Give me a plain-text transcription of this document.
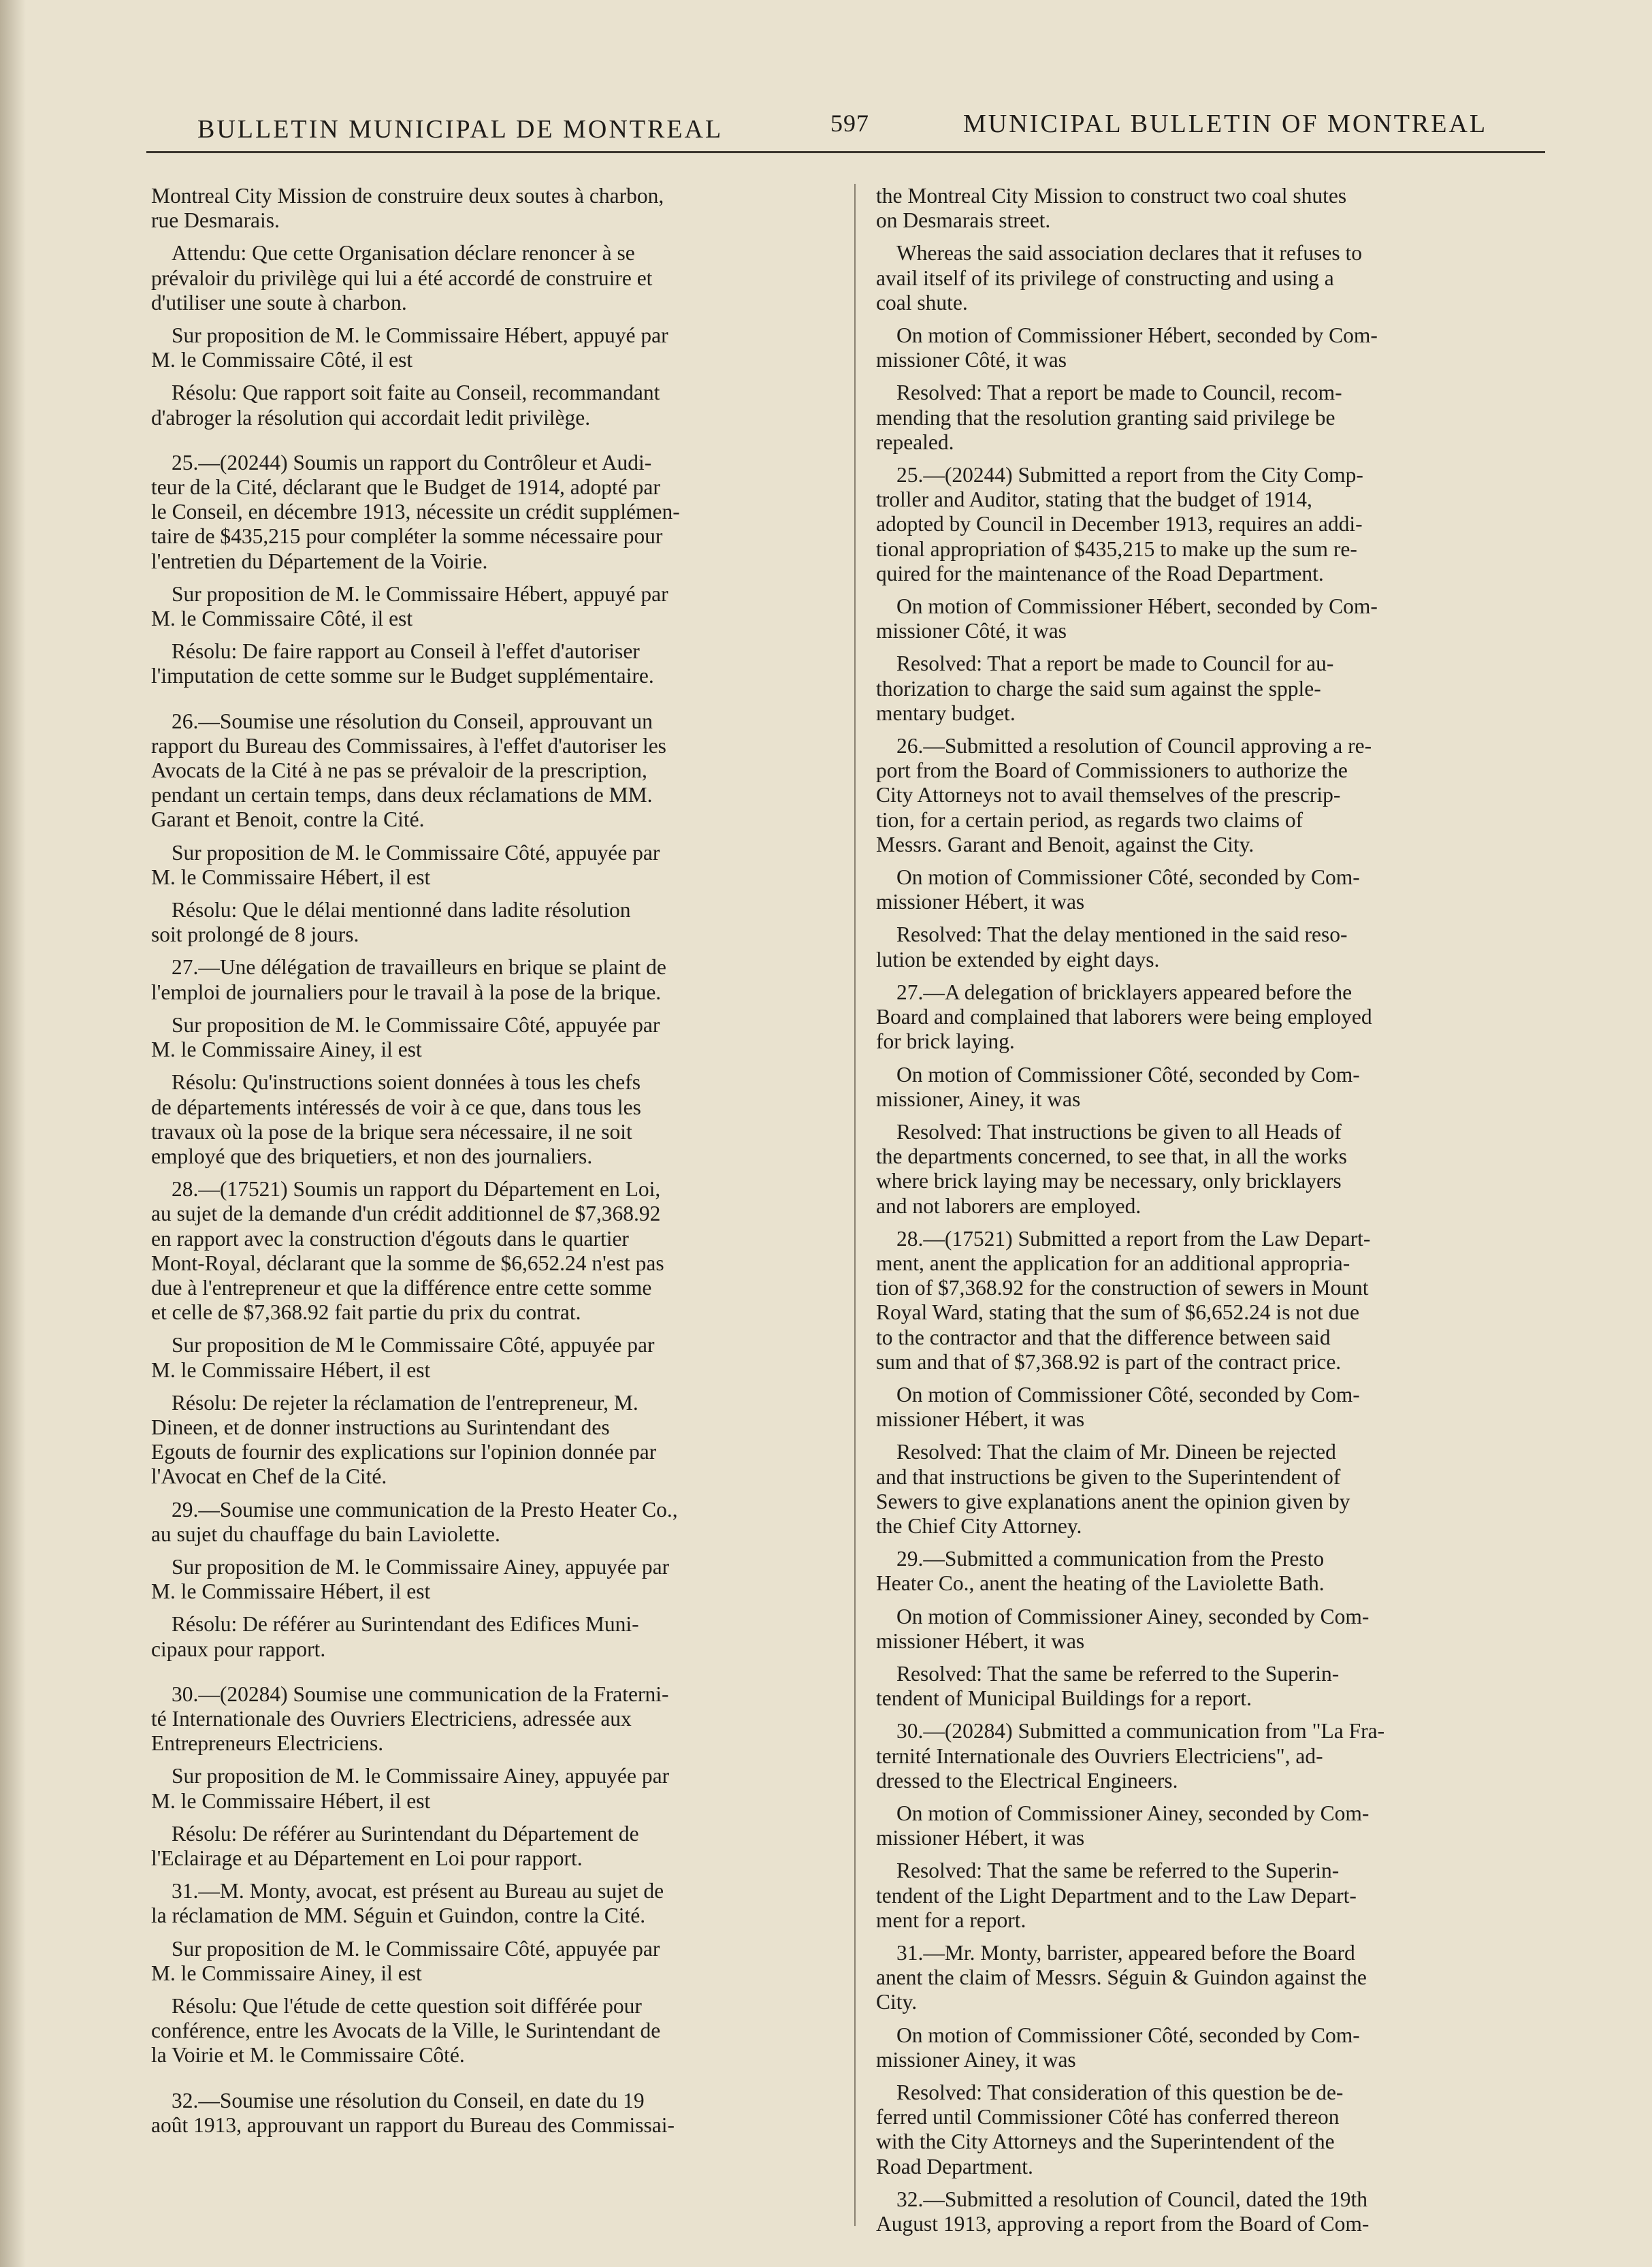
BULLETIN MUNICIPAL DE MONTREAL	597	MUNICIPAL BULLETIN OF MONTREAL

Montreal City Mission de construire deux soutes à charbon,
rue Desmarais.

Attendu: Que cette Organisation déclare renoncer à se
prévaloir du privilège qui lui a été accordé de construire et
d'utiliser une soute à charbon.

Sur proposition de M. le Commissaire Hébert, appuyé par
M. le Commissaire Côté, il est

Résolu: Que rapport soit faite au Conseil, recommandant
d'abroger la résolution qui accordait ledit privilège.

25.—(20244) Soumis un rapport du Contrôleur et Audi-
teur de la Cité, déclarant que le Budget de 1914, adopté par
le Conseil, en décembre 1913, nécessite un crédit supplémen-
taire de $435,215 pour compléter la somme nécessaire pour
l'entretien du Département de la Voirie.

Sur proposition de M. le Commissaire Hébert, appuyé par
M. le Commissaire Côté, il est

Résolu: De faire rapport au Conseil à l'effet d'autoriser
l'imputation de cette somme sur le Budget supplémentaire.

26.—Soumise une résolution du Conseil, approuvant un
rapport du Bureau des Commissaires, à l'effet d'autoriser les
Avocats de la Cité à ne pas se prévaloir de la prescription,
pendant un certain temps, dans deux réclamations de MM.
Garant et Benoit, contre la Cité.

Sur proposition de M. le Commissaire Côté, appuyée par
M. le Commissaire Hébert, il est

Résolu: Que le délai mentionné dans ladite résolution
soit prolongé de 8 jours.

27.—Une délégation de travailleurs en brique se plaint de
l'emploi de journaliers pour le travail à la pose de la brique.

Sur proposition de M. le Commissaire Côté, appuyée par
M. le Commissaire Ainey, il est

Résolu: Qu'instructions soient données à tous les chefs
de départements intéressés de voir à ce que, dans tous les
travaux où la pose de la brique sera nécessaire, il ne soit
employé que des briquetiers, et non des journaliers.

28.—(17521) Soumis un rapport du Département en Loi,
au sujet de la demande d'un crédit additionnel de $7,368.92
en rapport avec la construction d'égouts dans le quartier
Mont-Royal, déclarant que la somme de $6,652.24 n'est pas
due à l'entrepreneur et que la différence entre cette somme
et celle de $7,368.92 fait partie du prix du contrat.

Sur proposition de M le Commissaire Côté, appuyée par
M. le Commissaire Hébert, il est

Résolu: De rejeter la réclamation de l'entrepreneur, M.
Dineen, et de donner instructions au Surintendant des
Egouts de fournir des explications sur l'opinion donnée par
l'Avocat en Chef de la Cité.

29.—Soumise une communication de la Presto Heater Co.,
au sujet du chauffage du bain Laviolette.

Sur proposition de M. le Commissaire Ainey, appuyée par
M. le Commissaire Hébert, il est

Résolu: De référer au Surintendant des Edifices Muni-
cipaux pour rapport.

30.—(20284) Soumise une communication de la Fraterni-
té Internationale des Ouvriers Electriciens, adressée aux
Entrepreneurs Electriciens.

Sur proposition de M. le Commissaire Ainey, appuyée par
M. le Commissaire Hébert, il est

Résolu: De référer au Surintendant du Département de
l'Eclairage et au Département en Loi pour rapport.

31.—M. Monty, avocat, est présent au Bureau au sujet de
la réclamation de MM. Séguin et Guindon, contre la Cité.

Sur proposition de M. le Commissaire Côté, appuyée par
M. le Commissaire Ainey, il est

Résolu: Que l'étude de cette question soit différée pour
conférence, entre les Avocats de la Ville, le Surintendant de
la Voirie et M. le Commissaire Côté.

32.—Soumise une résolution du Conseil, en date du 19
août 1913, approuvant un rapport du Bureau des Commissai-

the Montreal City Mission to construct two coal shutes
on Desmarais street.

Whereas the said association declares that it refuses to
avail itself of its privilege of constructing and using a
coal shute.

On motion of Commissioner Hébert, seconded by Com-
missioner Côté, it was

Resolved: That a report be made to Council, recom-
mending that the resolution granting said privilege be
repealed.

25.—(20244) Submitted a report from the City Comp-
troller and Auditor, stating that the budget of 1914,
adopted by Council in December 1913, requires an addi-
tional appropriation of $435,215 to make up the sum re-
quired for the maintenance of the Road Department.

On motion of Commissioner Hébert, seconded by Com-
missioner Côté, it was

Resolved: That a report be made to Council for au-
thorization to charge the said sum against the spple-
mentary budget.

26.—Submitted a resolution of Council approving a re-
port from the Board of Commissioners to authorize the
City Attorneys not to avail themselves of the prescrip-
tion, for a certain period, as regards two claims of
Messrs. Garant and Benoit, against the City.

On motion of Commissioner Côté, seconded by Com-
missioner Hébert, it was

Resolved: That the delay mentioned in the said reso-
lution be extended by eight days.

27.—A delegation of bricklayers appeared before the
Board and complained that laborers were being employed
for brick laying.

On motion of Commissioner Côté, seconded by Com-
missioner, Ainey, it was

Resolved: That instructions be given to all Heads of
the departments concerned, to see that, in all the works
where brick laying may be necessary, only bricklayers
and not laborers are employed.

28.—(17521) Submitted a report from the Law Depart-
ment, anent the application for an additional appropria-
tion of $7,368.92 for the construction of sewers in Mount
Royal Ward, stating that the sum of $6,652.24 is not due
to the contractor and that the difference between said
sum and that of $7,368.92 is part of the contract price.

On motion of Commissioner Côté, seconded by Com-
missioner Hébert, it was

Resolved: That the claim of Mr. Dineen be rejected
and that instructions be given to the Superintendent of
Sewers to give explanations anent the opinion given by
the Chief City Attorney.

29.—Submitted a communication from the Presto
Heater Co., anent the heating of the Laviolette Bath.

On motion of Commissioner Ainey, seconded by Com-
missioner Hébert, it was

Resolved: That the same be referred to the Superin-
tendent of Municipal Buildings for a report.

30.—(20284) Submitted a communication from "La Fra-
ternité Internationale des Ouvriers Electriciens", ad-
dressed to the Electrical Engineers.

On motion of Commissioner Ainey, seconded by Com-
missioner Hébert, it was

Resolved: That the same be referred to the Superin-
tendent of the Light Department and to the Law Depart-
ment for a report.

31.—Mr. Monty, barrister, appeared before the Board
anent the claim of Messrs. Séguin & Guindon against the
City.

On motion of Commissioner Côté, seconded by Com-
missioner Ainey, it was

Resolved: That consideration of this question be de-
ferred until Commissioner Côté has conferred thereon
with the City Attorneys and the Superintendent of the
Road Department.

32.—Submitted a resolution of Council, dated the 19th
August 1913, approving a report from the Board of Com-
